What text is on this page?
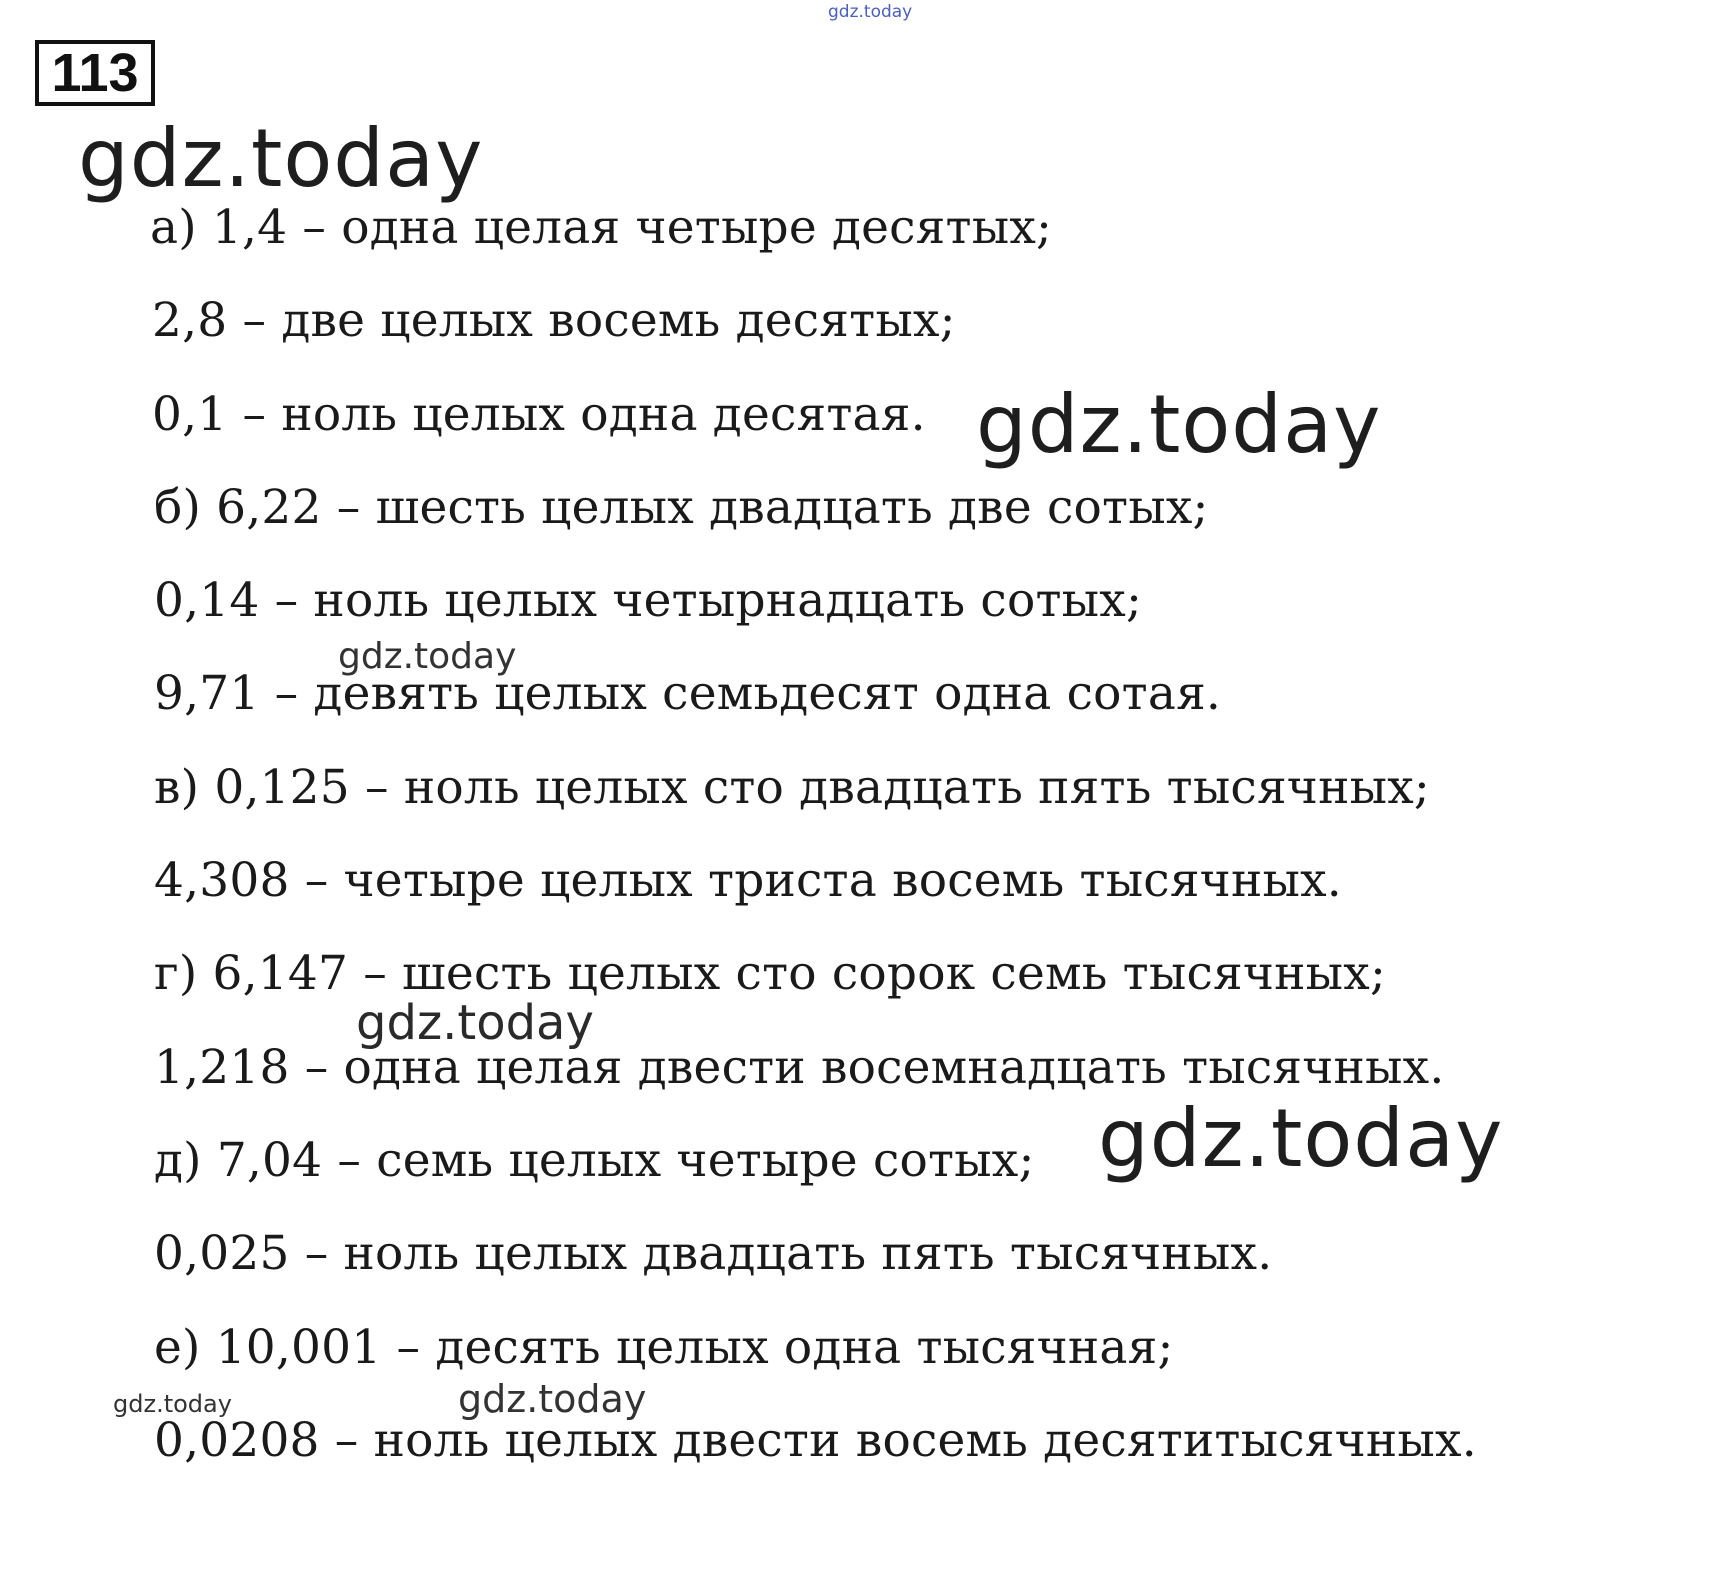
gdz.today
113
а) 1,4 – одна целая четыре десятых;
2,8 – две целых восемь десятых;
0,1 – ноль целых одна десятая.
б) 6,22 – шесть целых двадцать две сотых;
0,14 – ноль целых четырнадцать сотых;
9,71 – девять целых семьдесят одна сотая.
в) 0,125 – ноль целых сто двадцать пять тысячных;
4,308 – четыре целых триста восемь тысячных.
г) 6,147 – шесть целых сто сорок семь тысячных;
1,218 – одна целая двести восемнадцать тысячных.
д) 7,04 – семь целых четыре сотых;
0,025 – ноль целых двадцать пять тысячных.
е) 10,001 – десять целых одна тысячная;
0,0208 – ноль целых двести восемь десятитысячных.
gdz.today
gdz.today
gdz.today
gdz.today
gdz.today
gdz.today	gdz.today
